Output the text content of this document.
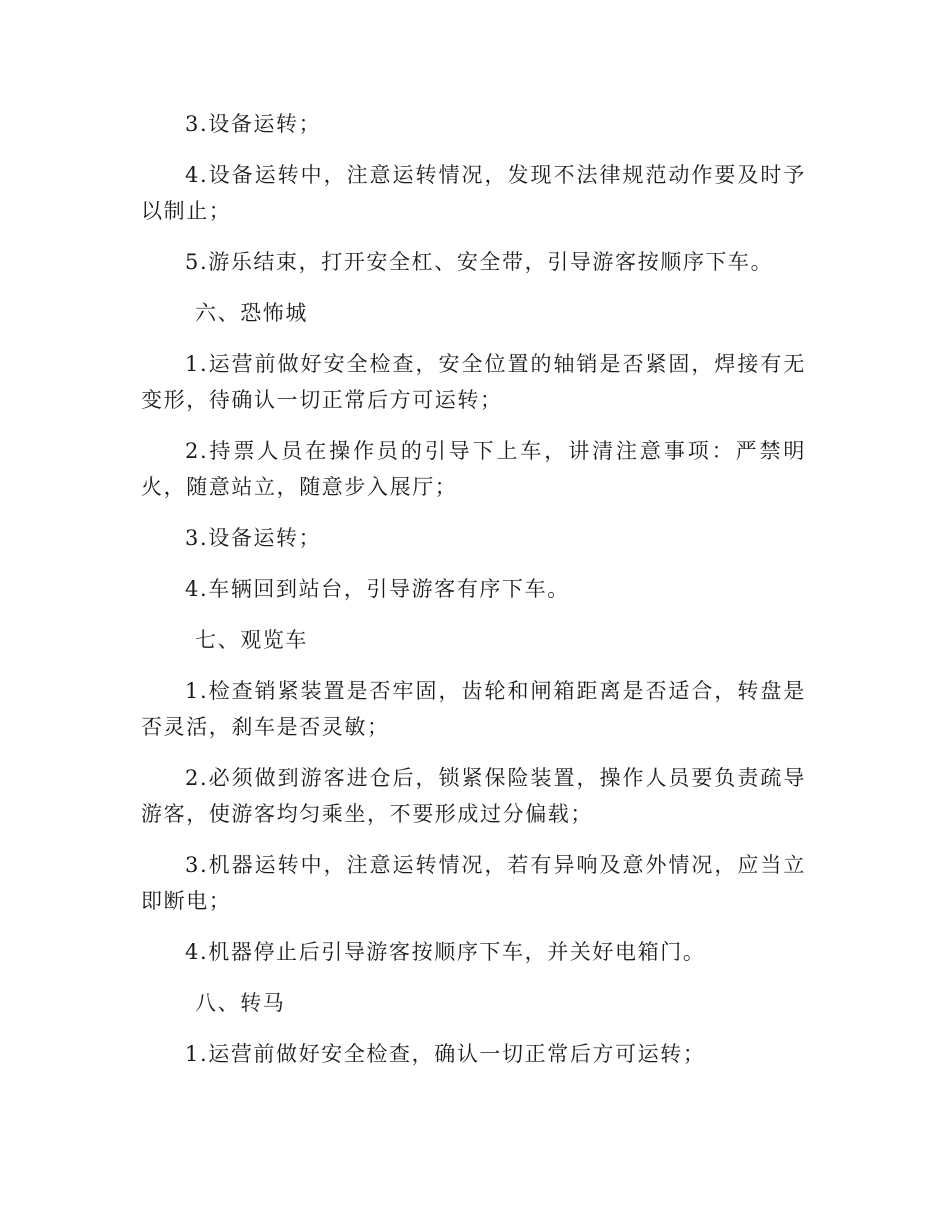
3.设备运转；

4.设备运转中，注意运转情况，发现不法律规范动作要及时予以制止；

5.游乐结束，打开安全杠、安全带，引导游客按顺序下车。

六、恐怖城

1.运营前做好安全检查，安全位置的轴销是否紧固，焊接有无变形，待确认一切正常后方可运转；

2.持票人员在操作员的引导下上车，讲清注意事项：严禁明火，随意站立，随意步入展厅；

3.设备运转；

4.车辆回到站台，引导游客有序下车。

七、观览车

1.检查销紧装置是否牢固，齿轮和闸箱距离是否适合，转盘是否灵活，刹车是否灵敏；

2.必须做到游客进仓后，锁紧保险装置，操作人员要负责疏导游客，使游客均匀乘坐，不要形成过分偏载；

3.机器运转中，注意运转情况，若有异响及意外情况，应当立即断电；

4.机器停止后引导游客按顺序下车，并关好电箱门。

八、转马

1.运营前做好安全检查，确认一切正常后方可运转；
